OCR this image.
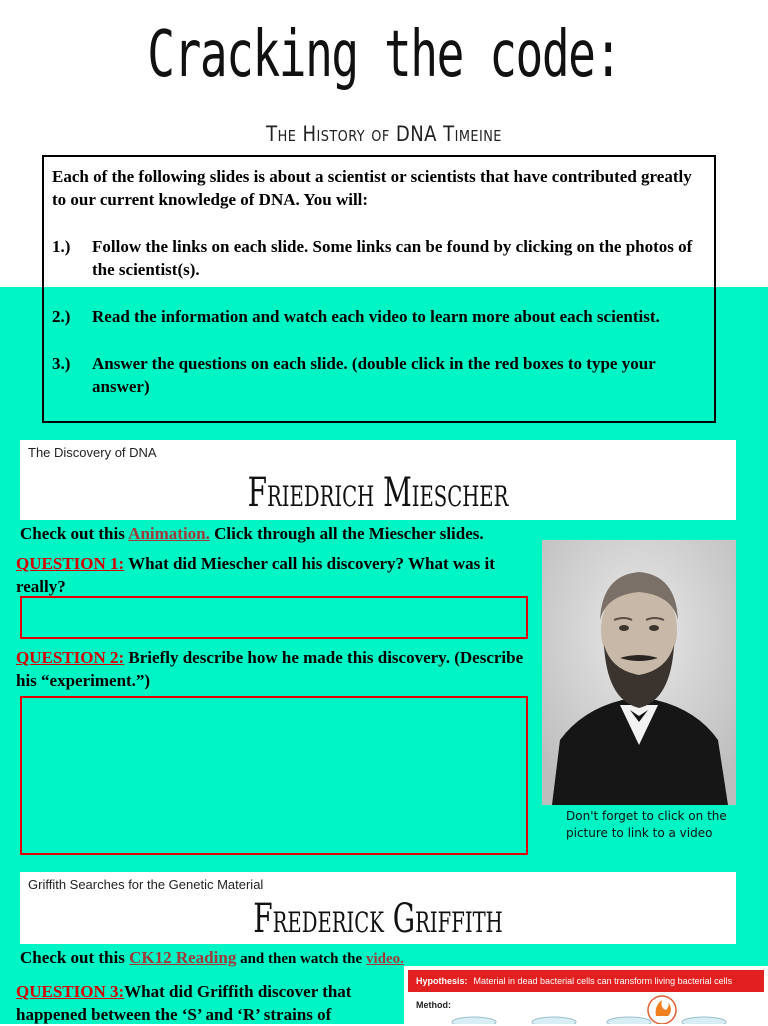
Cracking the code:
The History of DNA Timeine

Each of the following slides is about a scientist or scientists that have contributed greatly to our current knowledge of DNA. You will:

1.)	Follow the links on each slide. Some links can be found by clicking on the photos of the scientist(s).
2.)	Read the information and watch each video to learn more about each scientist.
3.)	Answer the questions on each slide. (double click in the red boxes to type your answer)
The Discovery of DNA
Friedrich Miescher
Check out this Animation. Click through all the Miescher slides.
QUESTION 1: What did Miescher call his discovery? What was it really?
QUESTION 2: Briefly describe how he made this discovery. (Describe his “experiment.”)
Don't forget to click on the picture to link to a video
Griffith Searches for the Genetic Material
Frederick Griffith
Check out this CK12 Reading and then watch the video.
QUESTION 3:What did Griffith discover that happened between the ‘S’ and ‘R’ strains of
Hypothesis: Material in dead bacterial cells can transform living bacterial cells
Method:
